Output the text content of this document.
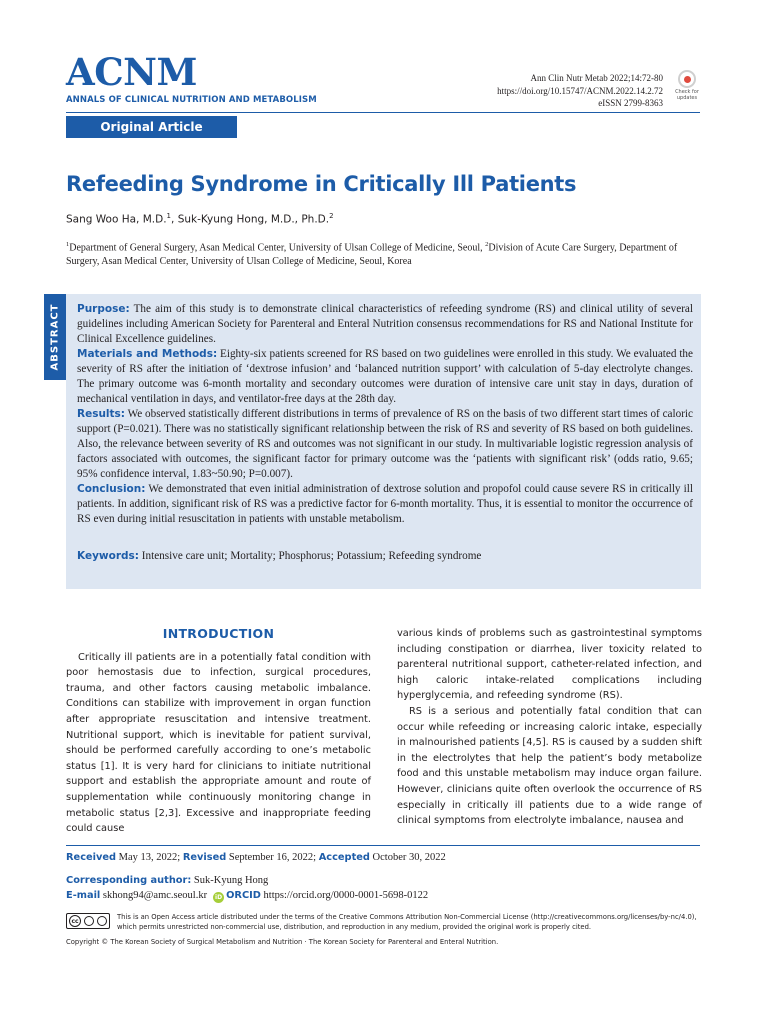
ACNM
ANNALS OF CLINICAL NUTRITION AND METABOLISM
Ann Clin Nutr Metab 2022;14:72-80
https://doi.org/10.15747/ACNM.2022.14.2.72
eISSN 2799-8363
Check for updates
Original Article
Refeeding Syndrome in Critically Ill Patients
Sang Woo Ha, M.D.$^1$, Suk-Kyung Hong, M.D., Ph.D.$^2$
$^1$Department of General Surgery, Asan Medical Center, University of Ulsan College of Medicine, Seoul, $^2$Division of Acute Care Surgery, Department of Surgery, Asan Medical Center, University of Ulsan College of Medicine, Seoul, Korea
ABSTRACT Purpose: The aim of this study is to demonstrate clinical characteristics of refeeding syndrome (RS) and clinical utility of several guidelines including American Society for Parenteral and Enteral Nutrition consensus recommendations for RS and National Institute for Clinical Excellence guidelines.

Materials and Methods: Eighty-six patients screened for RS based on two guidelines were enrolled in this study. We evaluated the severity of RS after the initiation of ‘dextrose infusion’ and ‘balanced nutrition support’ with calculation of 5-day electrolyte changes. The primary outcome was 6-month mortality and secondary outcomes were duration of intensive care unit stay in days, duration of mechanical ventilation in days, and ventilator-free days at the 28th day.

Results: We observed statistically different distributions in terms of prevalence of RS on the basis of two different start times of caloric support (P=0.021). There was no statistically significant relationship between the risk of RS and severity of RS based on both guidelines. Also, the relevance between severity of RS and outcomes was not significant in our study. In multivariable logistic regression analysis of factors associated with outcomes, the significant factor for primary outcome was the ‘patients with significant risk’ (odds ratio, 9.65; 95% confidence interval, 1.83~50.90; P=0.007).

Conclusion: We demonstrated that even initial administration of dextrose solution and propofol could cause severe RS in critically ill patients. In addition, significant risk of RS was a predictive factor for 6-month mortality. Thus, it is essential to monitor the occurrence of RS even during initial resuscitation in patients with unstable metabolism.

Keywords: Intensive care unit; Mortality; Phosphorus; Potassium; Refeeding syndrome
INTRODUCTION

Critically ill patients are in a potentially fatal condition with poor hemostasis due to infection, surgical procedures, trauma, and other factors causing metabolic imbalance. Conditions can stabilize with improvement in organ function after appropriate resuscitation and intensive treatment. Nutritional support, which is inevitable for patient survival, should be performed carefully according to one’s metabolic status [1]. It is very hard for clinicians to initiate nutritional support and establish the appropriate amount and route of supplementation while continuously monitoring change in metabolic status [2,3]. Excessive and inappropriate feeding could cause

various kinds of problems such as gastrointestinal symptoms including constipation or diarrhea, liver toxicity related to parenteral nutritional support, catheter-related infection, and high caloric intake-related complications including hyperglycemia, and refeeding syndrome (RS).

RS is a serious and potentially fatal condition that can occur while refeeding or increasing caloric intake, especially in malnourished patients [4,5]. RS is caused by a sudden shift in the electrolytes that help the patient’s body metabolize food and this unstable metabolism may induce organ failure. However, clinicians quite often overlook the occurrence of RS especially in critically ill patients due to a wide range of clinical symptoms from electrolyte imbalance, nausea and

Received May 13, 2022; Revised September 16, 2022; Accepted October 30, 2022
Corresponding author: Suk-Kyung Hong
E-mail skhong94@amc.seoul.kr iD ORCID https://orcid.org/0000-0001-5698-0122
cc
This is an Open Access article distributed under the terms of the Creative Commons Attribution Non-Commercial License (http://creativecommons.org/licenses/by-nc/4.0), which permits unrestricted non-commercial use, distribution, and reproduction in any medium, provided the original work is properly cited.
Copyright © The Korean Society of Surgical Metabolism and Nutrition · The Korean Society for Parenteral and Enteral Nutrition.
